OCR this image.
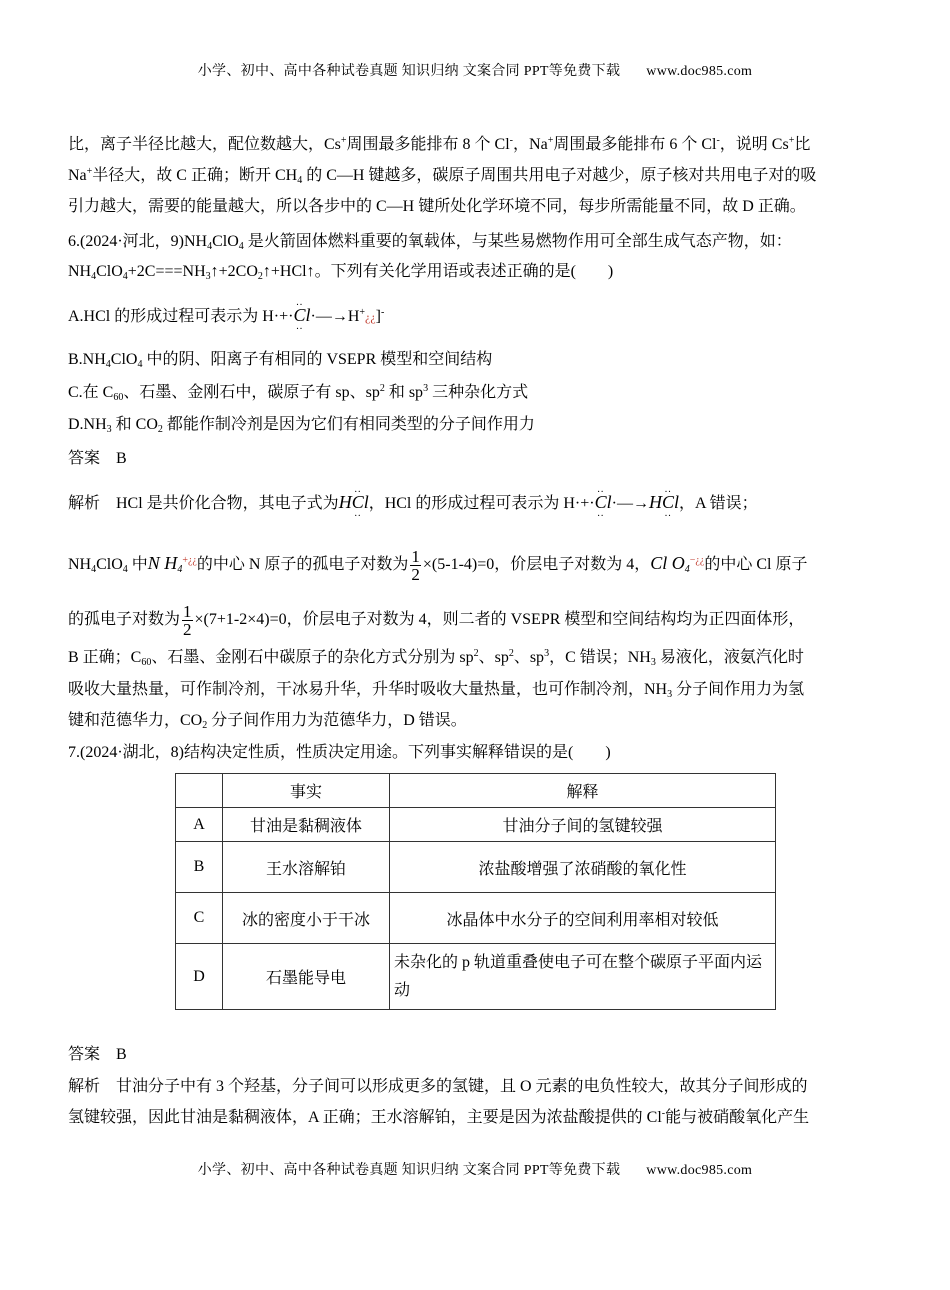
小学、初中、高中各种试卷真题 知识归纳 文案合同 PPT等免费下载 www.doc985.com
比，离子半径比越大，配位数越大，Cs+周围最多能排布 8 个 Cl-，Na+周围最多能排布 6 个 Cl-，说明 Cs+比
Na+半径大，故 C 正确；断开 $CH_4$ 的 C—H 键越多，碳原子周围共用电子对越少，原子核对共用电子对的吸
引力越大，需要的能量越大，所以各步中的 C—H 键所处化学环境不同，每步所需能量不同，故 D 正确。
6.(2024·河北，$9)NH_4ClO_4$ 是火箭固体燃料重要的氧载体，与某些易燃物作用可全部生成气态产物，如：
$NH_4ClO_4+2C===NH_3↑+2CO_2↑+HCl↑$。下列有关化学用语或表述正确的是(　　)
A.HCl 的形成过程可表示为 H·+·.. Cl ..·—→H+¿¿]-
$B.NH_4ClO_4$ 中的阴、阳离子有相同的 VSEPR 模型和空间结构
C.在 $C_{60}$、石墨、金刚石中，碳原子有 sp、$sp^2$ 和 $sp^3$ 三种杂化方式
$D.NH_3$ 和 $CO_2$ 都能作制冷剂是因为它们有相同类型的分子间作用力
答案　B
解析　HCl 是共价化合物，其电子式为H.. Cl ..，HCl 的形成过程可表示为 H·+·.. Cl ..·—→H.. Cl ..，A 错误；
$NH_4ClO_4$ 中N $H_4^{+¿¿}$的中心 N 原子的孤电子对数为 $\frac{1}{2} \times(5-1-4)=0$，价层电子对数为 4，Cl $O_4^{-¿¿}$的中心 Cl 原子
的孤电子对数为 $\frac{1}{2} \times(7+1-2\times 4)=0$，价层电子对数为 4，则二者的 VSEPR 模型和空间结构均为正四面体形，
B 正确；$C_{60}$、石墨、金刚石中碳原子的杂化方式分别为 $sp^2$、$sp^2$、$sp^3$，C 错误；$NH_3$ 易液化，液氨汽化时
吸收大量热量，可作制冷剂，干冰易升华，升华时吸收大量热量，也可作制冷剂，$NH_3$ 分子间作用力为氢
键和范德华力，$CO_2$ 分子间作用力为范德华力，D 错误。
7.(2024·湖北，8)结构决定性质，性质决定用途。下列事实解释错误的是(　　)
	事实	解释
A	甘油是黏稠液体	甘油分子间的氢键较强
B	王水溶解铂	浓盐酸增强了浓硝酸的氧化性
C	冰的密度小于干冰	冰晶体中水分子的空间利用率相对较低
D	石墨能导电	未杂化的 p 轨道重叠使电子可在整个碳原子平面内运动
答案　B
解析　甘油分子中有 3 个羟基，分子间可以形成更多的氢键，且 O 元素的电负性较大，故其分子间形成的
氢键较强，因此甘油是黏稠液体，A 正确；王水溶解铂，主要是因为浓盐酸提供的 Cl-能与被硝酸氧化产生
小学、初中、高中各种试卷真题 知识归纳 文案合同 PPT等免费下载 www.doc985.com
